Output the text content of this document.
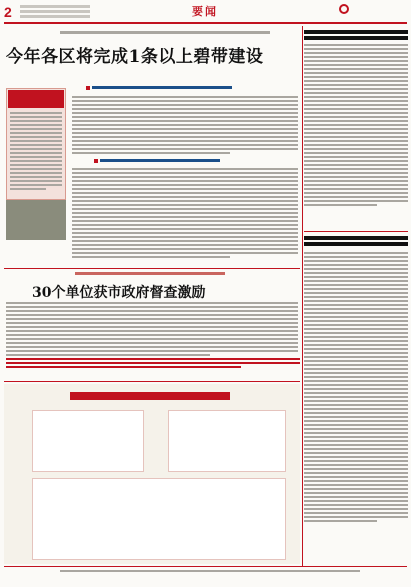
2	要闻
今年各区将完成1条以上碧带建设
30个单位获市政府督查激励
